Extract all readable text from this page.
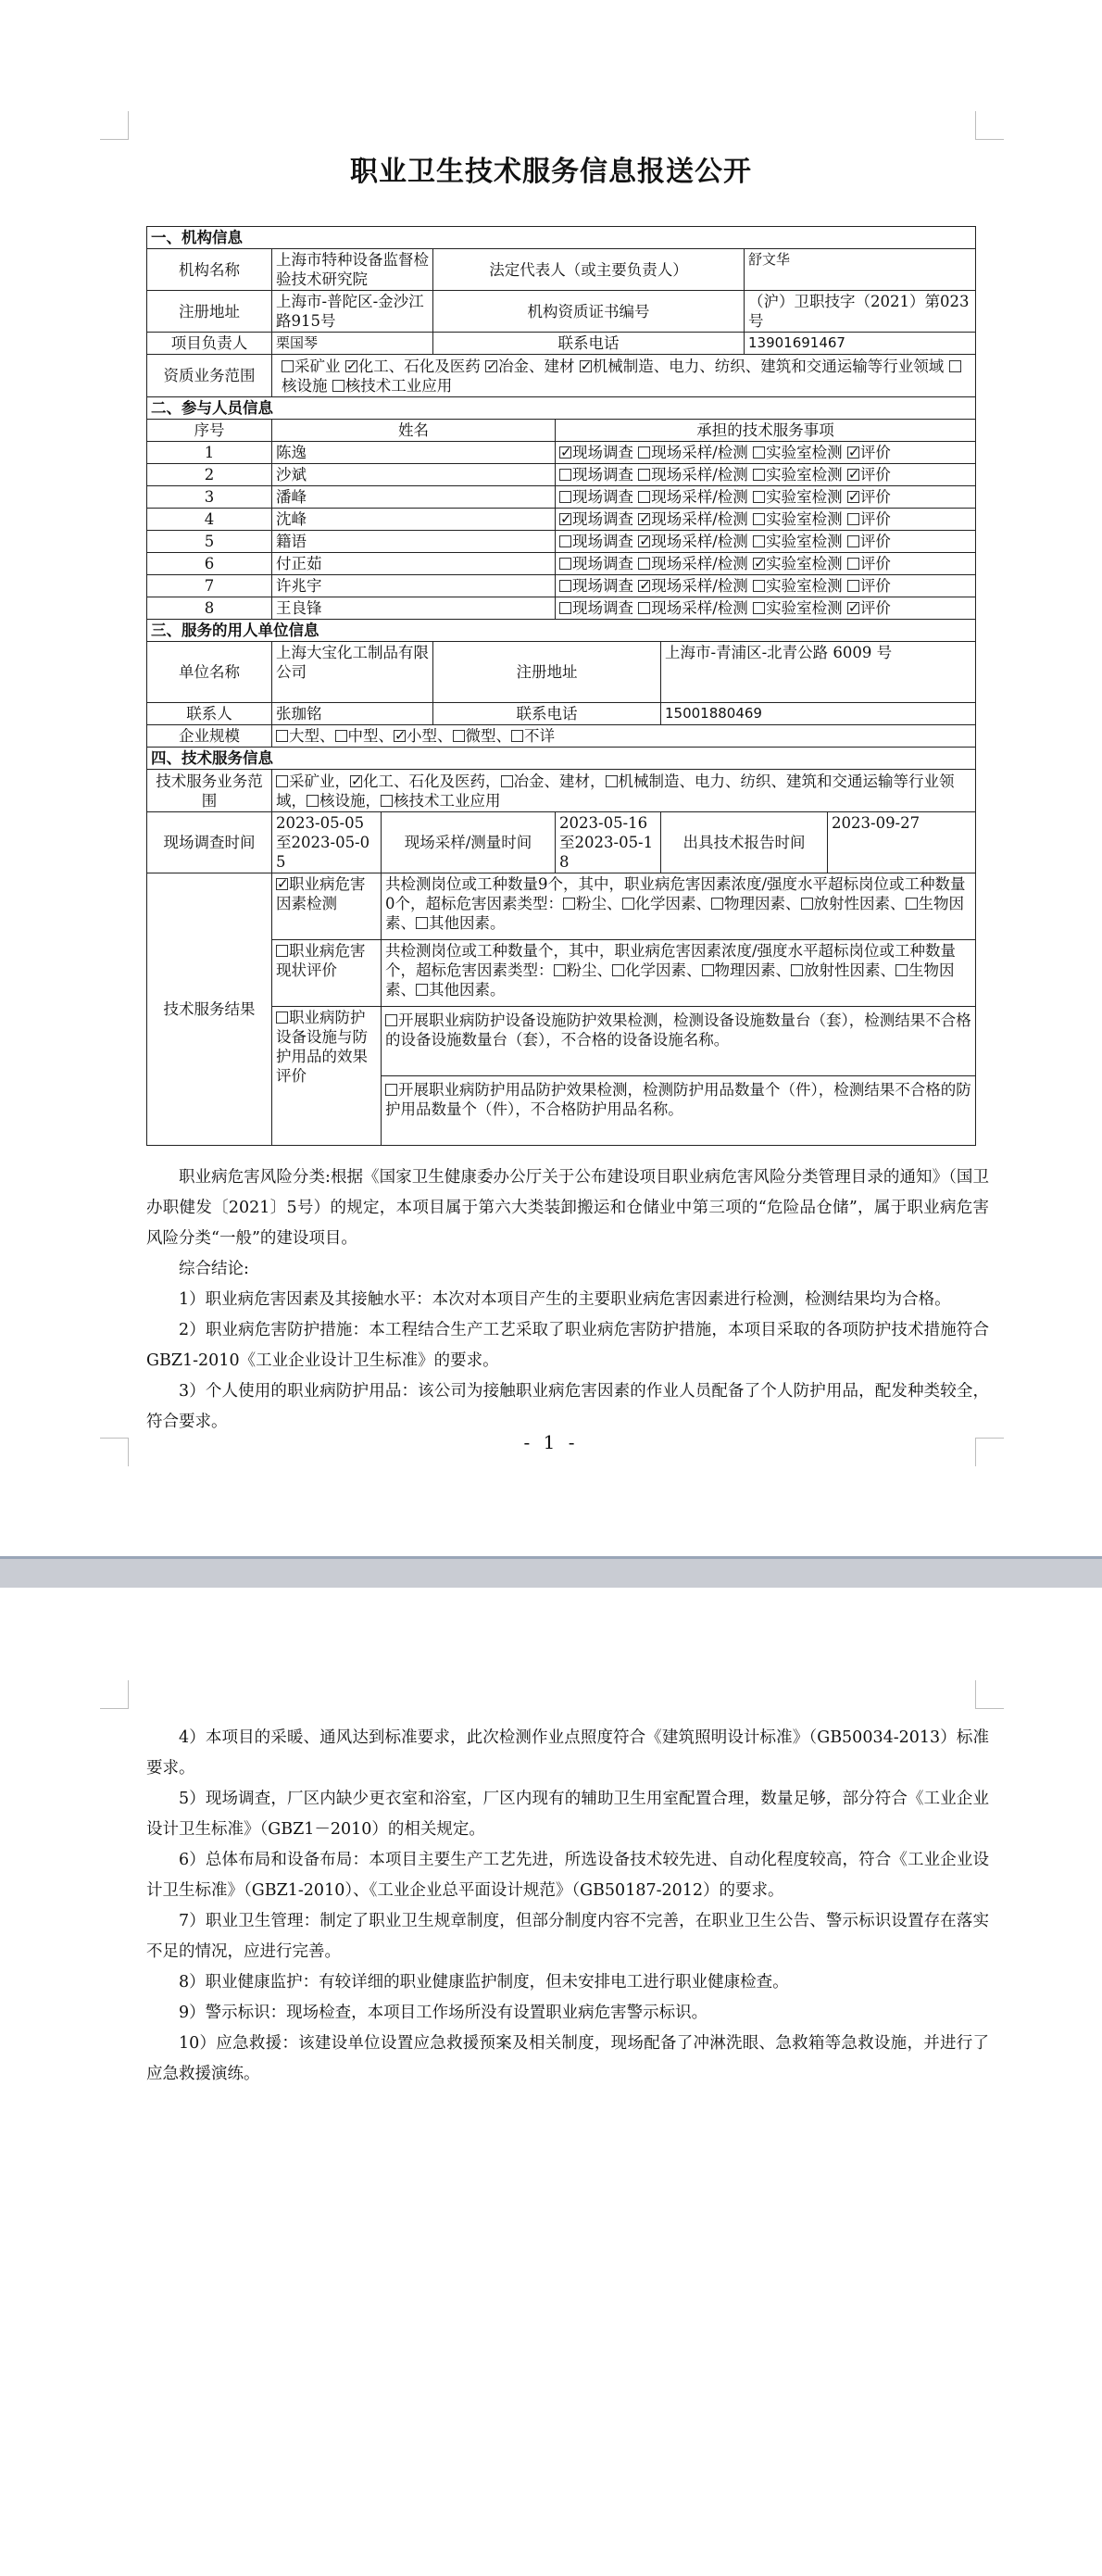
职业卫生技术服务信息报送公开
一、机构信息							
机构名称	上海市特种设备监督检验技术研究院		法定代表人（或主要负责人）			舒文华	
注册地址	上海市-普陀区-金沙江路915号		机构资质证书编号			（沪）卫职技字（2021）第023号	
项目负责人	栗国琴		联系电话			13901691467	
资质业务范围	采矿业 ✓ 化工、石化及医药 ✓ 冶金、建材 ✓ 机械制造、电力、纺织、建筑和交通运输等行业领域 核设施 核技术工业应用
二、参与人员信息							
序号	姓名			承担的技术服务事项			
1	陈逸	✓现场调查 现场采样/检测 实验室检测 ✓ 评价
2	沙斌			现场调查 现场采样/检测 实验室检测 ✓ 评价
3	潘峰			现场调查 现场采样/检测 实验室检测 ✓ 评价
4	沈峰	✓现场调查 ✓ 现场采样/检测 实验室检测 评价
5	籍语			现场调查 ✓ 现场采样/检测 实验室检测 评价
6	付正茹			现场调查 现场采样/检测 ✓ 实验室检测 评价
7	许兆宇			现场调查 ✓ 现场采样/检测 实验室检测 评价
8	王良锋			现场调查 现场采样/检测 实验室检测 ✓ 评价
三、服务的用人单位信息							
单位名称	上海大宝化工制品有限公司		注册地址		上海市-青浦区-北青公路 6009 号		
联系人	张珈铭		联系电话		15001880469		
企业规模	大型、 中型、 ✓ 小型、 微型、 不详
四、技术服务信息							
技术服务业务范围	采矿业， ✓ 化工、石化及医药， 冶金、建材， 机械制造、电力、纺织、建筑和交通运输等行业领域， 核设施， 核技术工业应用
现场调查时间	2023-05-05至2023-05-05	现场采样/测量时间		2023-05-16至2023-05-18	出具技术报告时间		2023-09-27
技术服务结果	✓职业病危害因素检测	共检测岗位或工种数量9个，其中，职业病危害因素浓度/强度水平超标岗位或工种数量0个，超标危害因素类型： 粉尘、 化学因素、 物理因素、 放射性因素、 生物因素、 其他因素。					
	职业病危害现状评价	共检测岗位或工种数量个，其中，职业病危害因素浓度/强度水平超标岗位或工种数量个，超标危害因素类型： 粉尘、 化学因素、 物理因素、 放射性因素、 生物因素、 其他因素。					
	职业病防护设备设施与防护用品的效果评价	开展职业病防护设备设施防护效果检测，检测设备设施数量台（套），检测结果不合格的设备设施数量台（套），不合格的设备设施名称。
开展职业病防护用品防护效果检测，检测防护用品数量个（件），检测结果不合格的防护用品数量个（件），不合格防护用品名称。					

职业病危害风险分类:根据《国家卫生健康委办公厅关于公布建设项目职业病危害风险分类管理目录的通知》（国卫办职健发〔2021〕5号）的规定，本项目属于第六大类装卸搬运和仓储业中第三项的“危险品仓储”，属于职业病危害风险分类“一般”的建设项目。

综合结论:

1）职业病危害因素及其接触水平：本次对本项目产生的主要职业病危害因素进行检测，检测结果均为合格。

2）职业病危害防护措施：本工程结合生产工艺采取了职业病危害防护措施，本项目采取的各项防护技术措施符合GBZ1-2010《工业企业设计卫生标准》的要求。

3）个人使用的职业病防护用品：该公司为接触职业病危害因素的作业人员配备了个人防护用品，配发种类较全，符合要求。

- 1 -

4）本项目的采暖、通风达到标准要求，此次检测作业点照度符合《建筑照明设计标准》（GB50034-2013）标准要求。

5）现场调查，厂区内缺少更衣室和浴室，厂区内现有的辅助卫生用室配置合理，数量足够，部分符合《工业企业设计卫生标准》（GBZ1－2010）的相关规定。

6）总体布局和设备布局：本项目主要生产工艺先进，所选设备技术较先进、自动化程度较高，符合《工业企业设计卫生标准》（GBZ1-2010）、《工业企业总平面设计规范》（GB50187-2012）的要求。

7）职业卫生管理：制定了职业卫生规章制度，但部分制度内容不完善，在职业卫生公告、警示标识设置存在落实不足的情况，应进行完善。

8）职业健康监护：有较详细的职业健康监护制度，但未安排电工进行职业健康检查。

9）警示标识：现场检查，本项目工作场所没有设置职业病危害警示标识。

10）应急救援：该建设单位设置应急救援预案及相关制度，现场配备了冲淋洗眼、急救箱等急救设施，并进行了应急救援演练。
